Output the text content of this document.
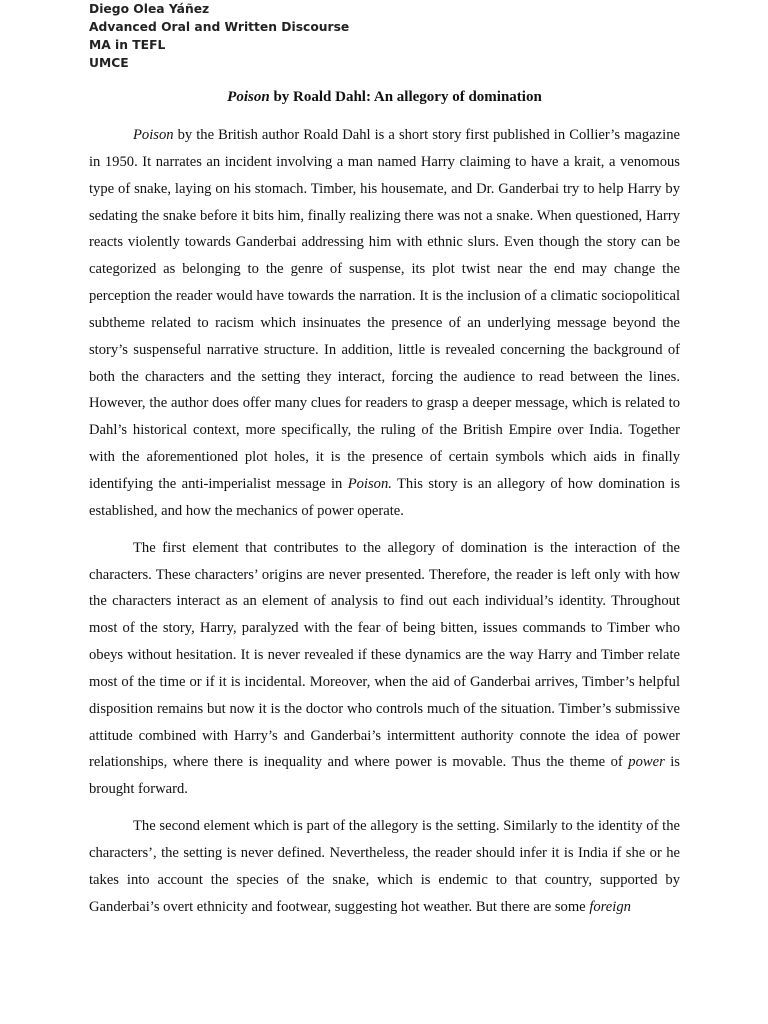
Diego Olea Yáñez
Advanced Oral and Written Discourse
MA in TEFL
UMCE
Poison by Roald Dahl: An allegory of domination

Poison by the British author Roald Dahl is a short story first published in Collier’s magazine in 1950. It narrates an incident involving a man named Harry claiming to have a krait, a venomous type of snake, laying on his stomach. Timber, his housemate, and Dr. Ganderbai try to help Harry by sedating the snake before it bits him, finally realizing there was not a snake. When questioned, Harry reacts violently towards Ganderbai addressing him with ethnic slurs. Even though the story can be categorized as belonging to the genre of suspense, its plot twist near the end may change the perception the reader would have towards the narration. It is the inclusion of a climatic sociopolitical subtheme related to racism which insinuates the presence of an underlying message beyond the story’s suspenseful narrative structure. In addition, little is revealed concerning the background of both the characters and the setting they interact, forcing the audience to read between the lines. However, the author does offer many clues for readers to grasp a deeper message, which is related to Dahl’s historical context, more specifically, the ruling of the British Empire over India. Together with the aforementioned plot holes, it is the presence of certain symbols which aids in finally identifying the anti-imperialist message in Poison. This story is an allegory of how domination is established, and how the mechanics of power operate.

The first element that contributes to the allegory of domination is the interaction of the characters. These characters’ origins are never presented. Therefore, the reader is left only with how the characters interact as an element of analysis to find out each individual’s identity. Throughout most of the story, Harry, paralyzed with the fear of being bitten, issues commands to Timber who obeys without hesitation. It is never revealed if these dynamics are the way Harry and Timber relate most of the time or if it is incidental. Moreover, when the aid of Ganderbai arrives, Timber’s helpful disposition remains but now it is the doctor who controls much of the situation. Timber’s submissive attitude combined with Harry’s and Ganderbai’s intermittent authority connote the idea of power relationships, where there is inequality and where power is movable. Thus the theme of power is brought forward.

The second element which is part of the allegory is the setting. Similarly to the identity of the characters’, the setting is never defined. Nevertheless, the reader should infer it is India if she or he takes into account the species of the snake, which is endemic to that country, supported by Ganderbai’s overt ethnicity and footwear, suggesting hot weather. But there are some foreign
